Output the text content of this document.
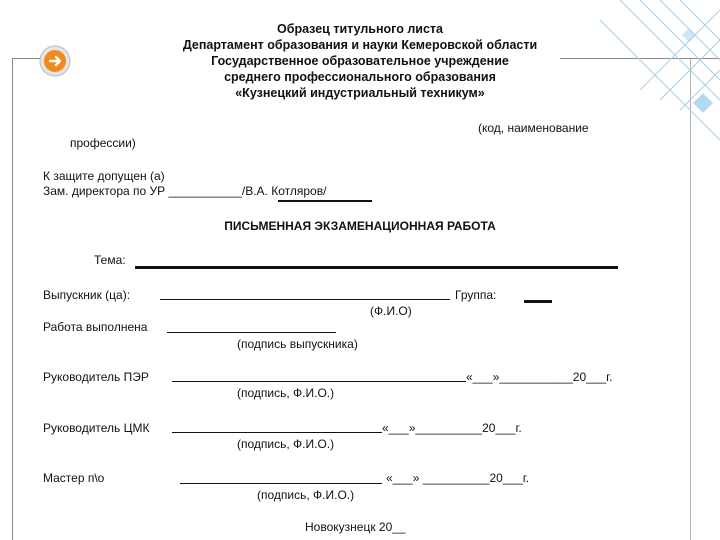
Образец титульного листа
Департамент образования и науки Кемеровской области
Государственное образовательное учреждение
среднего профессионального образования
«Кузнецкий индустриальный техникум»
(код, наименование
профессии)
К защите допущен (а)
Зам. директора по УР ___________/В.А. Котляров/
ПИСЬМЕННАЯ ЭКЗАМЕНАЦИОННАЯ РАБОТА
Тема:
Выпускник (ца):	Группа:
(Ф.И.О)
Работа выполнена
(подпись выпускника)
Руководитель ПЭР	«___»___________20___г.
(подпись, Ф.И.О.)
Руководитель ЦМК	«___»__________20___г.
(подпись, Ф.И.О.)
Мастер п\о	«___» __________20___г.
(подпись, Ф.И.О.)
Новокузнецк 20__
